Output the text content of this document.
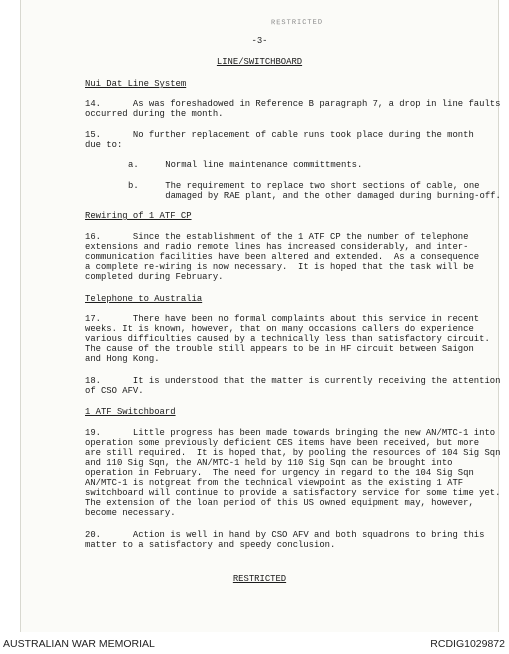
RESTRICTED
-3-
LINE/SWITCHBOARD
Nui Dat Line System
14.      As was foreshadowed in Reference B paragraph 7, a drop in line faults
occurred during the month.
15.      No further replacement of cable runs took place during the month
due to:
a.     Normal line maintenance committments.
b.     The requirement to replace two short sections of cable, one
damaged by RAE plant, and the other damaged during burning-off.
Rewiring of 1 ATF CP
16.      Since the establishment of the 1 ATF CP the number of telephone
extensions and radio remote lines has increased considerably, and inter-
communication facilities have been altered and extended.  As a consequence
a complete re-wiring is now necessary.  It is hoped that the task will be
completed during February.
Telephone to Australia
17.      There have been no formal complaints about this service in recent
weeks. It is known, however, that on many occasions callers do experience
various difficulties caused by a technically less than satisfactory circuit.
The cause of the trouble still appears to be in HF circuit between Saigon
and Hong Kong.
18.      It is understood that the matter is currently receiving the attention
of CSO AFV.
1 ATF Switchboard
19.      Little progress has been made towards bringing the new AN/MTC-1 into
operation some previously deficient CES items have been received, but more
are still required.  It is hoped that, by pooling the resources of 104 Sig Sqn
and 110 Sig Sqn, the AN/MTC-1 held by 110 Sig Sqn can be brought into
operation in February.  The need for urgency in regard to the 104 Sig Sqn
AN/MTC-1 is notgreat from the technical viewpoint as the existing 1 ATF
switchboard will continue to provide a satisfactory service for some time yet.
The extension of the loan period of this US owned equipment may, however,
become necessary.
20.      Action is well in hand by CSO AFV and both squadrons to bring this
matter to a satisfactory and speedy conclusion.
RESTRICTED
AUSTRALIAN WAR MEMORIAL	RCDIG1029872
